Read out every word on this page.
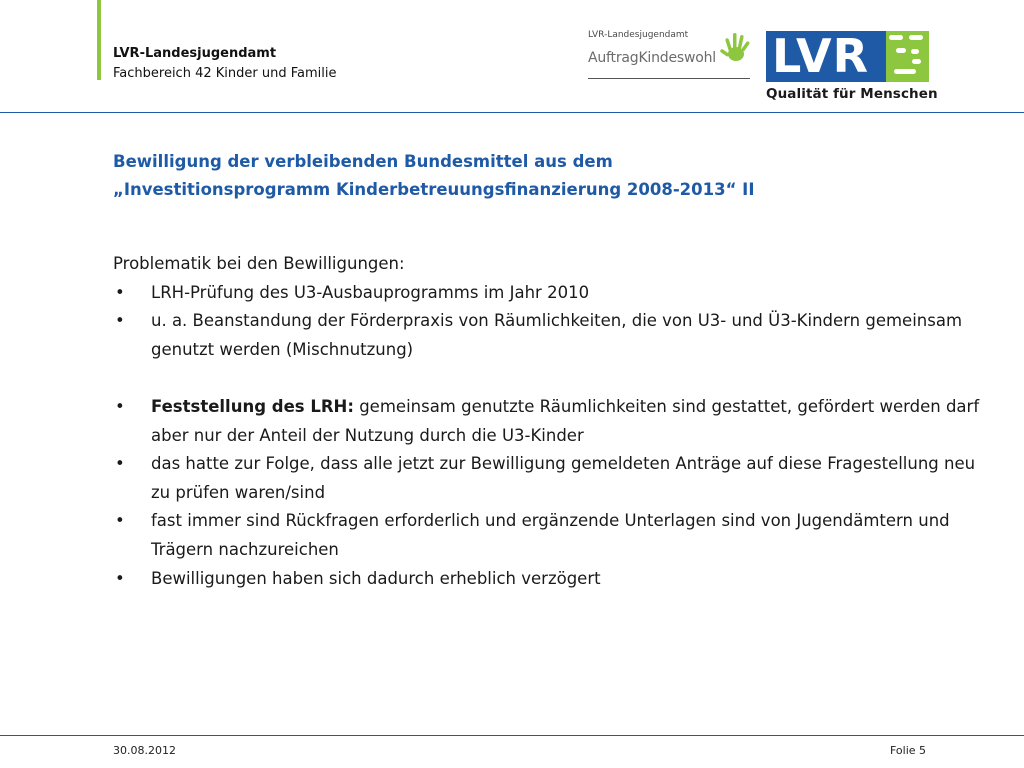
LVR-Landesjugendamt
Fachbereich 42 Kinder und Familie
LVR-Landesjugendamt
AuftragKindeswohl LVR
Qualität für Menschen
Bewilligung der verbleibenden Bundesmittel aus dem
„Investitionsprogramm Kinderbetreuungsfinanzierung 2008-2013“ II

Problematik bei den Bewilligungen:

• LRH-Prüfung des U3-Ausbauprogramms im Jahr 2010
• u. a. Beanstandung der Förderpraxis von Räumlichkeiten, die von U3- und Ü3-Kindern gemeinsam genutzt werden (Mischnutzung)
• Feststellung des LRH: gemeinsam genutzte Räumlichkeiten sind gestattet, gefördert werden darf aber nur der Anteil der Nutzung durch die U3-Kinder
• das hatte zur Folge, dass alle jetzt zur Bewilligung gemeldeten Anträge auf diese Fragestellung neu zu prüfen waren/sind
• fast immer sind Rückfragen erforderlich und ergänzende Unterlagen sind von Jugendämtern und Trägern nachzureichen
• Bewilligungen haben sich dadurch erheblich verzögert
30.08.2012	Folie 5
